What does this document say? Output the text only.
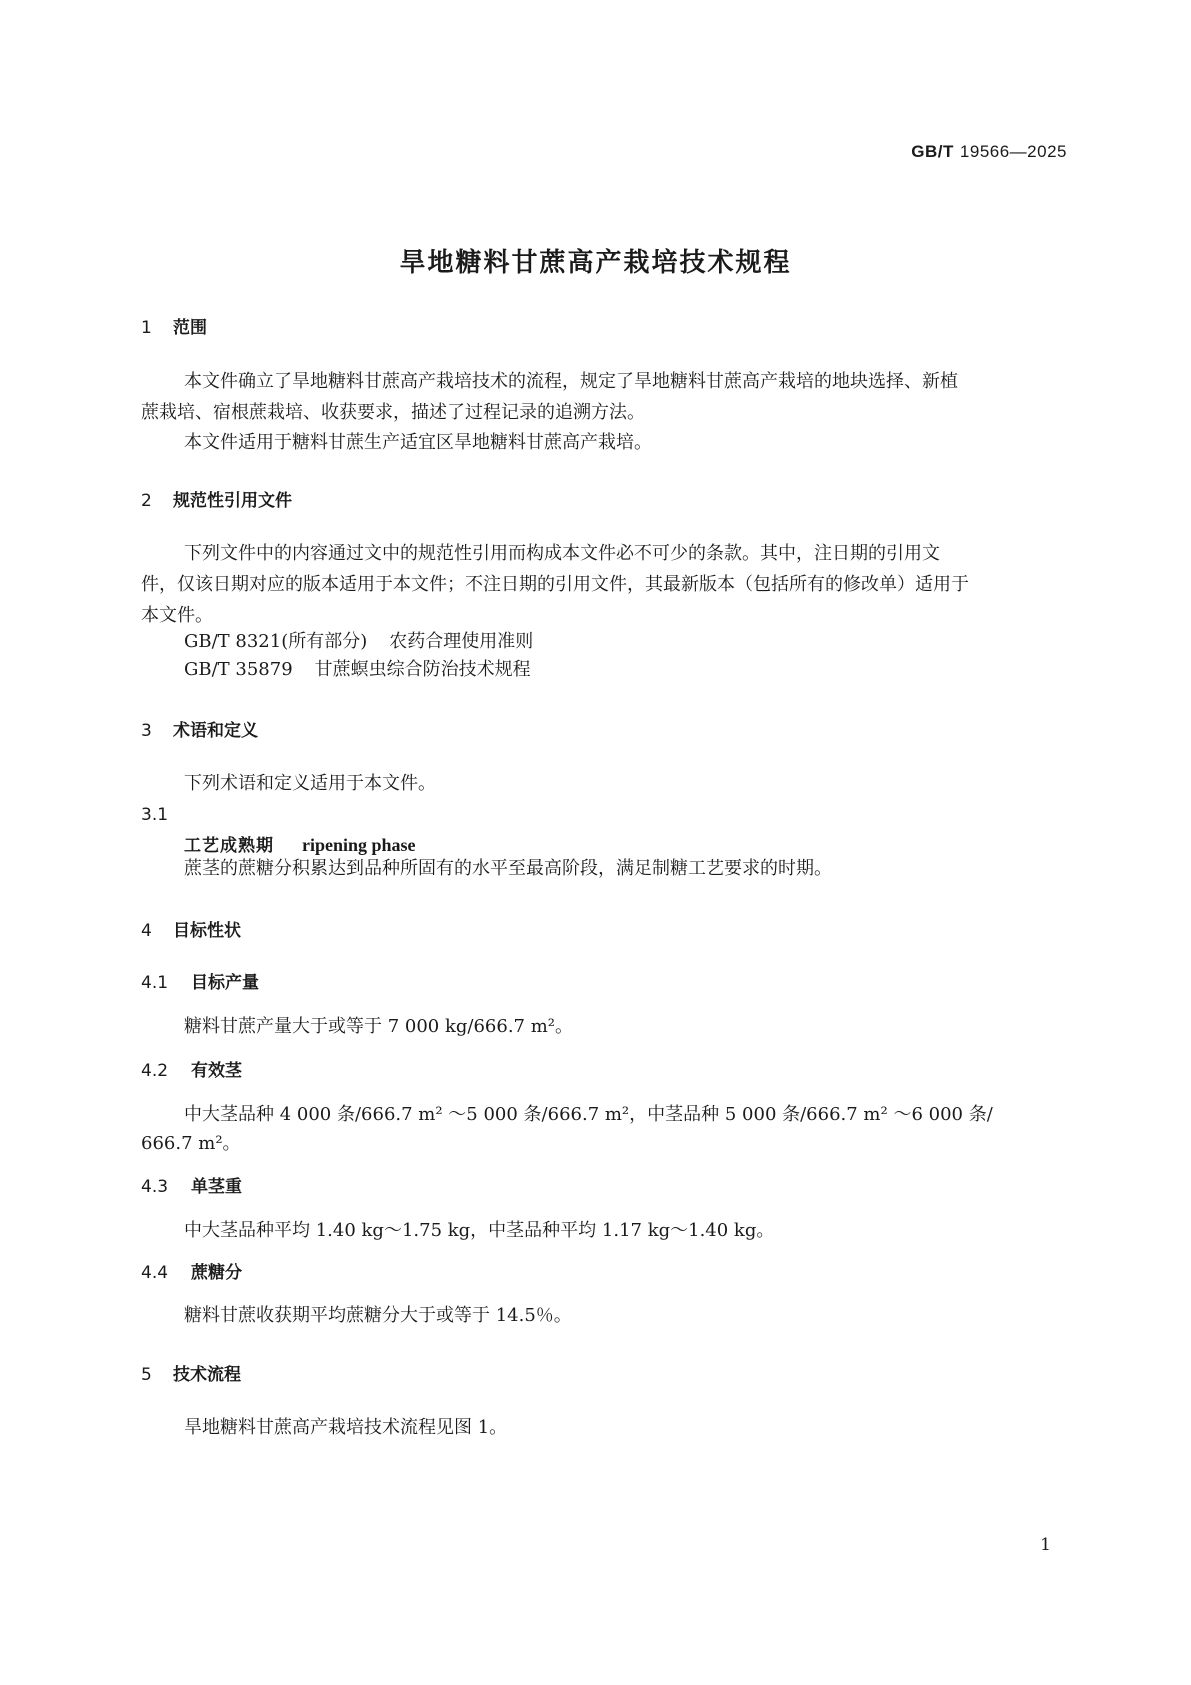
GB/T 19566—2025
旱地糖料甘蔗高产栽培技术规程
1 范围
本文件确立了旱地糖料甘蔗高产栽培技术的流程，规定了旱地糖料甘蔗高产栽培的地块选择、新植
蔗栽培、宿根蔗栽培、收获要求，描述了过程记录的追溯方法。
本文件适用于糖料甘蔗生产适宜区旱地糖料甘蔗高产栽培。
2 规范性引用文件
下列文件中的内容通过文中的规范性引用而构成本文件必不可少的条款。其中，注日期的引用文
件，仅该日期对应的版本适用于本文件；不注日期的引用文件，其最新版本（包括所有的修改单）适用于
本文件。
GB/T 8321(所有部分) 农药合理使用准则
GB/T 35879 甘蔗螟虫综合防治技术规程
3 术语和定义
下列术语和定义适用于本文件。
3.1
工艺成熟期 ripening phase
蔗茎的蔗糖分积累达到品种所固有的水平至最高阶段，满足制糖工艺要求的时期。
4 目标性状
4.1 目标产量
糖料甘蔗产量大于或等于 7 000 kg/666.7 m²。
4.2 有效茎
中大茎品种 4 000 条/666.7 m² ～5 000 条/666.7 m²，中茎品种 5 000 条/666.7 m² ～6 000 条/
666.7 m²。
4.3 单茎重
中大茎品种平均 1.40 kg～1.75 kg，中茎品种平均 1.17 kg～1.40 kg。
4.4 蔗糖分
糖料甘蔗收获期平均蔗糖分大于或等于 14.5％。
5 技术流程
旱地糖料甘蔗高产栽培技术流程见图 1。
1
